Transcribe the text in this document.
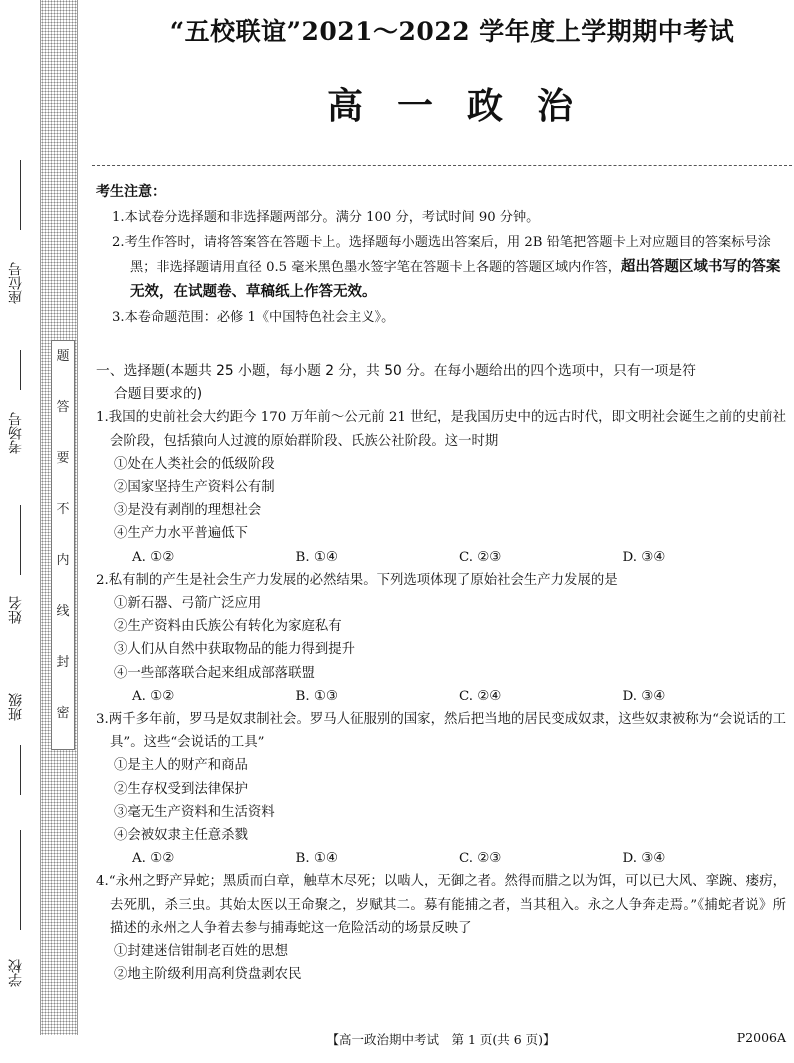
题
答
要
不
内
线
封
密
座位号
考场号
姓名
班级
学校
“五校联谊”2021～2022 学年度上学期期中考试
高一政治
考生注意：

1.本试卷分选择题和非选择题两部分。满分 100 分，考试时间 90 分钟。

2.考生作答时，请将答案答在答题卡上。选择题每小题选出答案后，用 2B 铅笔把答题卡上对应题目的答案标号涂黑；非选择题请用直径 0.5 毫米黑色墨水签字笔在答题卡上各题的答题区域内作答，超出答题区域书写的答案无效，在试题卷、草稿纸上作答无效。

3.本卷命题范围：必修 1《中国特色社会主义》。

一、选择题(本题共 25 小题，每小题 2 分，共 50 分。在每小题给出的四个选项中，只有一项是符
合题目要求的)

1.我国的史前社会大约距今 170 万年前～公元前 21 世纪，是我国历史中的远古时代，即文明社会诞生之前的史前社会阶段，包括猿向人过渡的原始群阶段、氏族公社阶段。这一时期

①处在人类社会的低级阶段

②国家坚持生产资料公有制

③是没有剥削的理想社会

④生产力水平普遍低下

A. ①②	B. ①④	C. ②③	D. ③④

2.私有制的产生是社会生产力发展的必然结果。下列选项体现了原始社会生产力发展的是

①新石器、弓箭广泛应用

②生产资料由氏族公有转化为家庭私有

③人们从自然中获取物品的能力得到提升

④一些部落联合起来组成部落联盟

A. ①②	B. ①③	C. ②④	D. ③④

3.两千多年前，罗马是奴隶制社会。罗马人征服别的国家，然后把当地的居民变成奴隶，这些奴隶被称为“会说话的工具”。这些“会说话的工具”

①是主人的财产和商品

②生存权受到法律保护

③毫无生产资料和生活资料

④会被奴隶主任意杀戮

A. ①②	B. ①④	C. ②③	D. ③④

4.“永州之野产异蛇；黑质而白章，触草木尽死；以啮人，无御之者。然得而腊之以为饵，可以已大风、挛踠、瘘疠，去死肌，杀三虫。其始太医以王命聚之，岁赋其二。募有能捕之者，当其租入。永之人争奔走焉。”《捕蛇者说》所描述的永州之人争着去参与捕毒蛇这一危险活动的场景反映了

①封建迷信钳制老百姓的思想

②地主阶级利用高利贷盘剥农民

【高一政治期中考试　第 1 页(共 6 页)】	P2006A
